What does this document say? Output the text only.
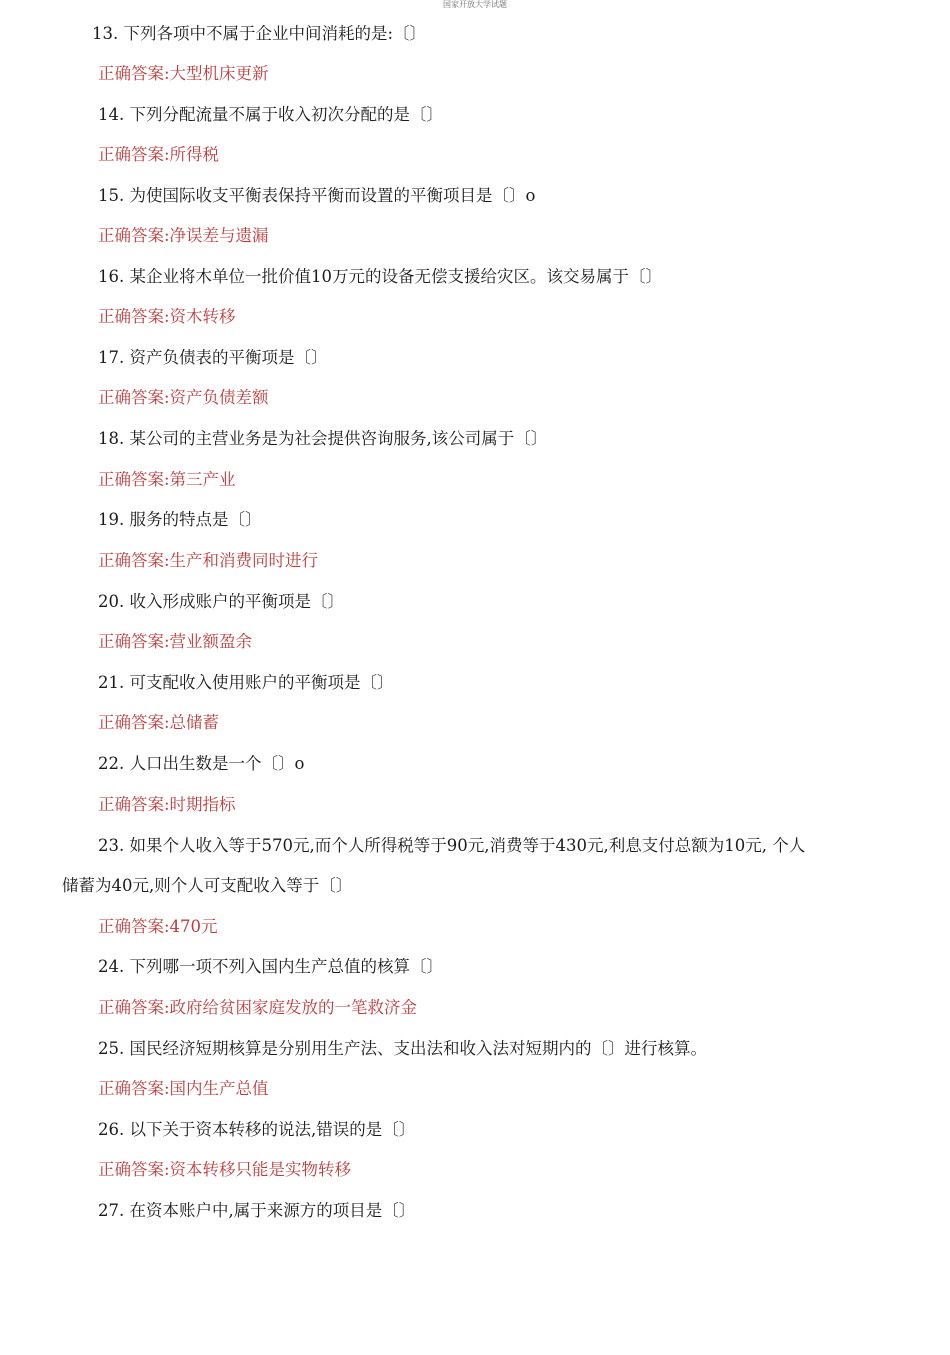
国家开放大学试题
13. 下列各项中不属于企业中间消耗的是:〔〕
正确答案:大型机床更新
14. 下列分配流量不属于收入初次分配的是〔〕
正确答案:所得税
15. 为使国际收支平衡表保持平衡而设置的平衡项目是〔〕o
正确答案:净误差与遗漏
16. 某企业将木单位一批价值10万元的设备无偿支援给灾区。该交易属于〔〕
正确答案:资木转移
17. 资产负债表的平衡项是〔〕
正确答案:资产负债差额
18. 某公司的主营业务是为社会提供咨询服务,该公司属于〔〕
正确答案:第三产业
19. 服务的特点是〔〕
正确答案:生产和消费同时进行
20. 收入形成账户的平衡项是〔〕
正确答案:营业额盈余
21. 可支配收入使用账户的平衡项是〔〕
正确答案:总储蓄
22. 人口出生数是一个〔〕o
正确答案:时期指标
23. 如果个人收入等于570元,而个人所得税等于90元,消费等于430元,利息支付总额为10元, 个人
储蓄为40元,则个人可支配收入等于〔〕
正确答案:470元
24. 下列哪一项不列入国内生产总值的核算〔〕
正确答案:政府给贫困家庭发放的一笔救济金
25. 国民经济短期核算是分别用生产法、支出法和收入法对短期内的〔〕进行核算。
正确答案:国内生产总值
26. 以下关于资本转移的说法,错误的是〔〕
正确答案:资本转移只能是实物转移
27. 在资本账户中,属于来源方的项目是〔〕
